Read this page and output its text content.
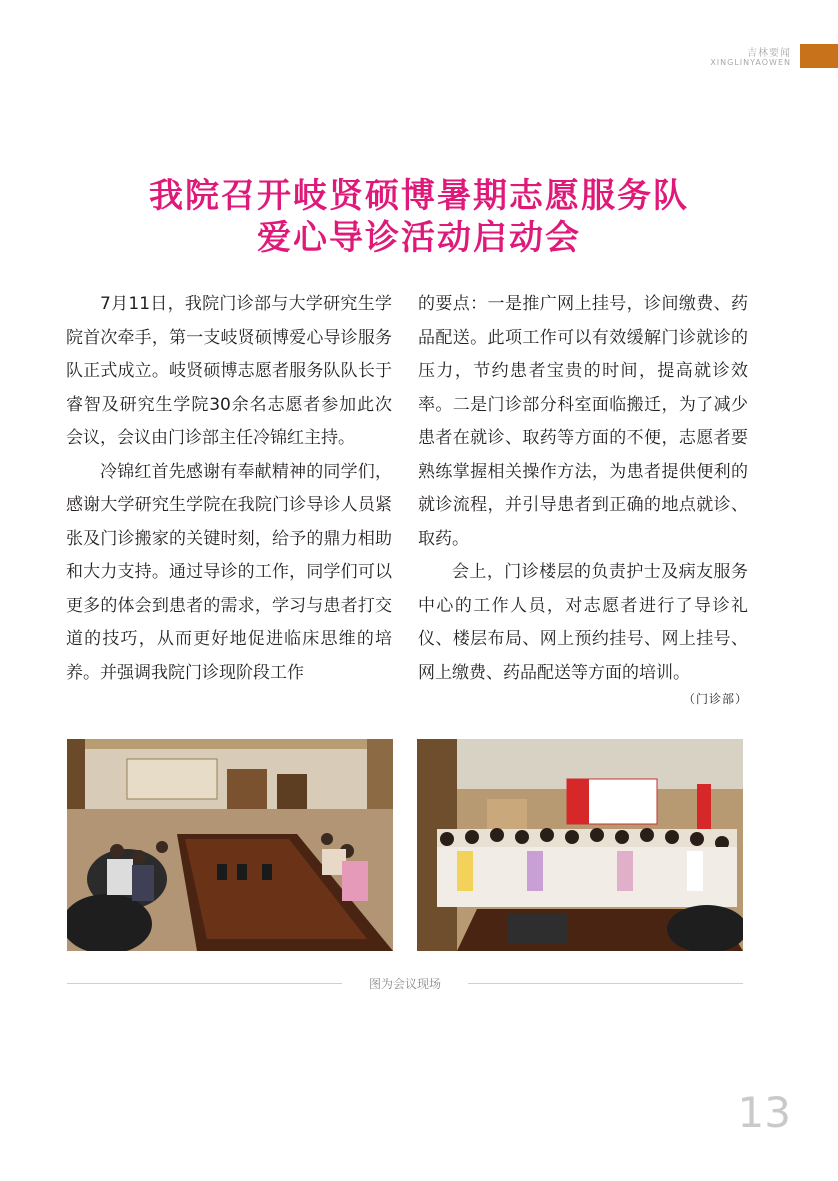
吉林要闻
XINGLINYAOWEN
我院召开岐贤硕博暑期志愿服务队
爱心导诊活动启动会

7月11日，我院门诊部与大学研究生学院首次牵手，第一支岐贤硕博爱心导诊服务队正式成立。岐贤硕博志愿者服务队队长于睿智及研究生学院30余名志愿者参加此次会议，会议由门诊部主任冷锦红主持。

冷锦红首先感谢有奉献精神的同学们，感谢大学研究生学院在我院门诊导诊人员紧张及门诊搬家的关键时刻，给予的鼎力相助和大力支持。通过导诊的工作，同学们可以更多的体会到患者的需求，学习与患者打交道的技巧，从而更好地促进临床思维的培养。并强调我院门诊现阶段工作

的要点：一是推广网上挂号，诊间缴费、药品配送。此项工作可以有效缓解门诊就诊的压力，节约患者宝贵的时间，提高就诊效率。二是门诊部分科室面临搬迁，为了减少患者在就诊、取药等方面的不便，志愿者要熟练掌握相关操作方法，为患者提供便利的就诊流程，并引导患者到正确的地点就诊、取药。

会上，门诊楼层的负责护士及病友服务中心的工作人员，对志愿者进行了导诊礼仪、楼层布局、网上预约挂号、网上挂号、网上缴费、药品配送等方面的培训。

（门诊部）
图为会议现场
13
